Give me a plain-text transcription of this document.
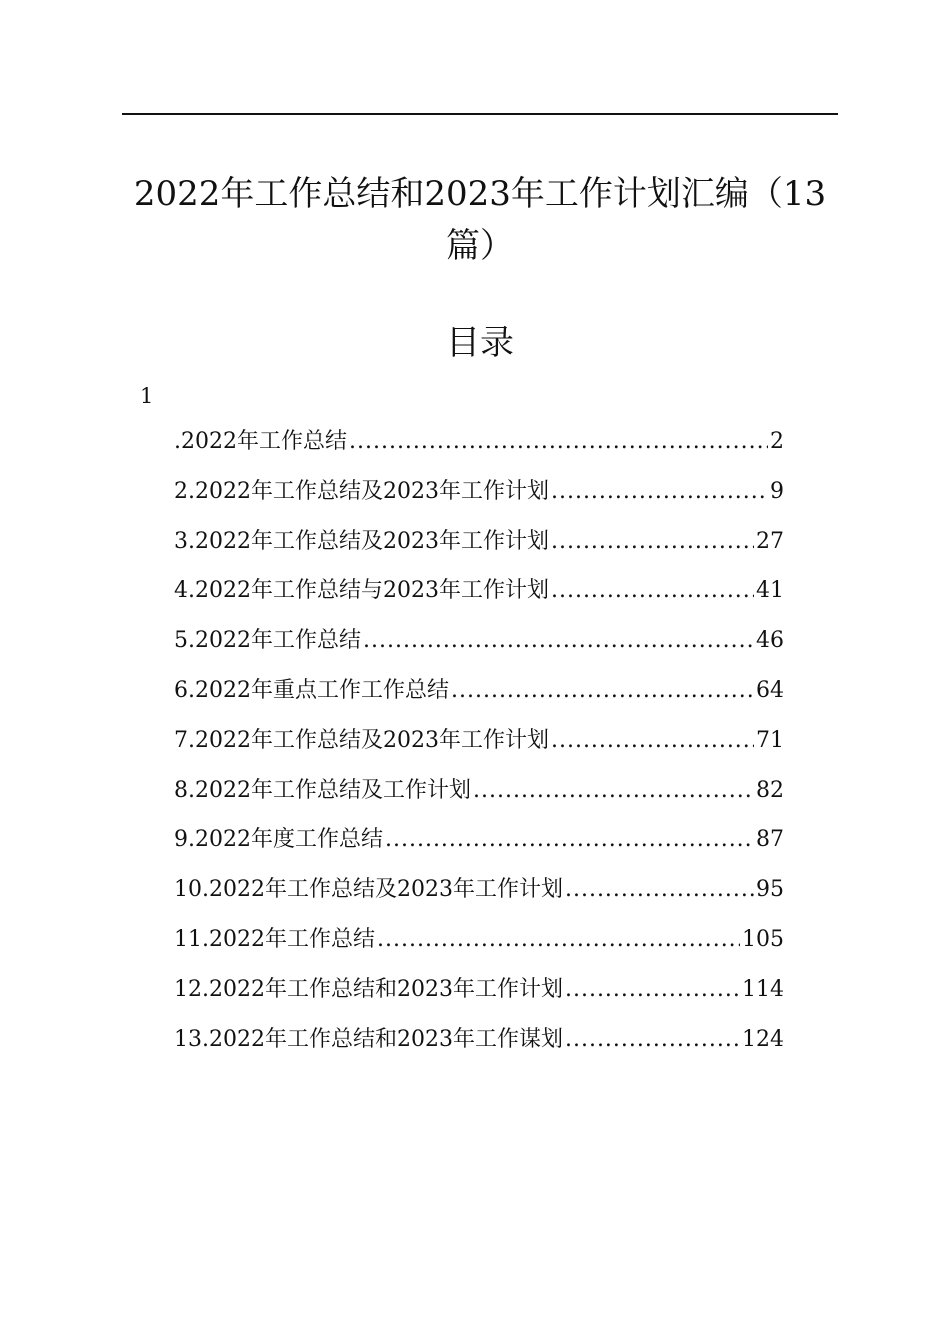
2022年工作总结和2023年工作计划汇编（13篇）
目录
1
.2022年工作总结 .....	2
2.2022年工作总结及2023年工作计划 .....	9
3.2022年工作总结及2023年工作计划 .....	27
4.2022年工作总结与2023年工作计划 .....	41
5.2022年工作总结 .....	46
6.2022年重点工作工作总结 .....	64
7.2022年工作总结及2023年工作计划 .....	71
8.2022年工作总结及工作计划 .....	82
9.2022年度工作总结 .....	87
10.2022年工作总结及2023年工作计划 .....	95
11.2022年工作总结 .....	105
12.2022年工作总结和2023年工作计划 .....	114
13.2022年工作总结和2023年工作谋划 .....	124
